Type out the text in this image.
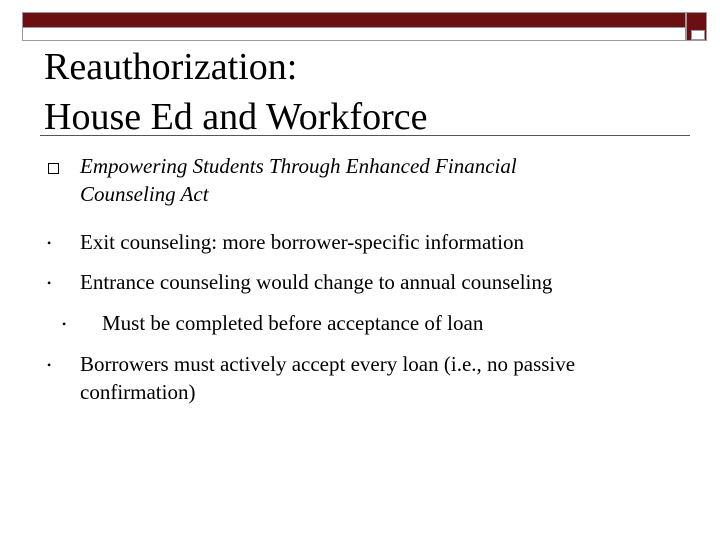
Reauthorization:
House Ed and Workforce
Empowering Students Through Enhanced Financial
Counseling Act
• Exit counseling: more borrower-specific information
• Entrance counseling would change to annual counseling
• Must be completed before acceptance of loan
• Borrowers must actively accept every loan (i.e., no passive
confirmation)
